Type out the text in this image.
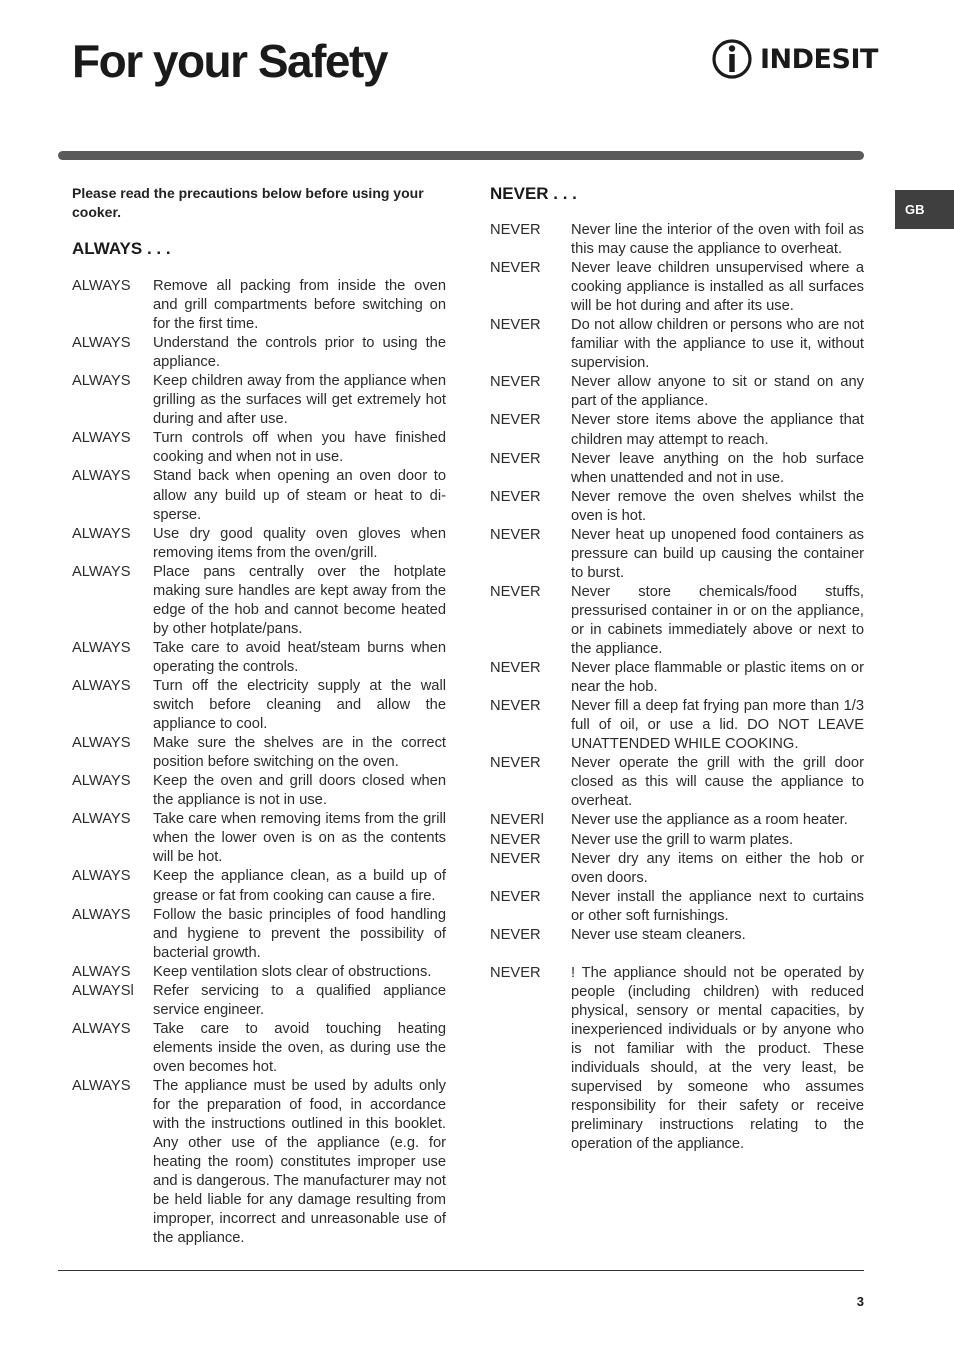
For your Safety	INDESIT
GB

Please read the precautions below before using your cooker.

ALWAYS . . .
ALWAYS	Remove all packing from inside the oven and grill compartments before switching on for the first time.
ALWAYS	Understand the controls prior to using the appliance.
ALWAYS	Keep children away from the appliance when grilling as the surfaces will get extremely hot during and after use.
ALWAYS	Turn controls off when you have finished cooking and when not in use.
ALWAYS	Stand back when opening an oven door to allow any build up of steam or heat to di-sperse.
ALWAYS	Use dry good quality oven gloves when removing items from the oven/grill.
ALWAYS	Place pans centrally over the hotplate making sure handles are kept away from the edge of the hob and cannot become heated by other hotplate/pans.
ALWAYS	Take care to avoid heat/steam burns when operating the controls.
ALWAYS	Turn off the electricity supply at the wall switch before cleaning and allow the appliance to cool.
ALWAYS	Make sure the shelves are in the correct position before switching on the oven.
ALWAYS	Keep the oven and grill doors closed when the appliance is not in use.
ALWAYS	Take care when removing items from the grill when the lower oven is on as the contents will be hot.
ALWAYS	Keep the appliance clean, as a build up of grease or fat from cooking can cause a fire.
ALWAYS	Follow the basic principles of food handling and hygiene to prevent the possibility of bacterial growth.
ALWAYS	Keep ventilation slots clear of obstructions.
ALWAYSl	Refer servicing to a qualified appliance service engineer.
ALWAYS	Take care to avoid touching heating elements inside the oven, as during use the oven becomes hot.
ALWAYS	The appliance must be used by adults only for the preparation of food, in accordance with the instructions outlined in this booklet. Any other use of the appliance (e.g. for heating the room) constitutes improper use and is dangerous. The manufacturer may not be held liable for any damage resulting from improper, incorrect and unreasonable use of the appliance.
NEVER . . .
NEVER	Never line the interior of the oven with foil as this may cause the appliance to overheat.
NEVER	Never leave children unsupervised where a cooking appliance is installed as all surfaces will be hot during and after its use.
NEVER	Do not allow children or persons who are not familiar with the appliance to use it, without supervision.
NEVER	Never allow anyone to sit or stand on any part of the appliance.
NEVER	Never store items above the appliance that children may attempt to reach.
NEVER	Never leave anything on the hob surface when unattended and not in use.
NEVER	Never remove the oven shelves whilst the oven is hot.
NEVER	Never heat up unopened food containers as pressure can build up causing the container to burst.
NEVER	Never store chemicals/food stuffs, pressurised container in or on the appliance, or in cabinets immediately above or next to the appliance.
NEVER	Never place flammable or plastic items on or near the hob.
NEVER	Never fill a deep fat frying pan more than 1/3 full of oil, or use a lid. DO NOT LEAVE UNATTENDED WHILE COOKING.
NEVER	Never operate the grill with the grill door closed as this will cause the appliance to overheat.
NEVERl	Never use the appliance as a room heater.
NEVER	Never use the grill to warm plates.
NEVER	Never dry any items on either the hob or oven doors.
NEVER	Never install the appliance next to curtains or other soft furnishings.
NEVER	Never use steam cleaners.
NEVER	! The appliance should not be operated by people (including children) with reduced physical, sensory or mental capacities, by inexperienced individuals or by anyone who is not familiar with the product. These individuals should, at the very least, be supervised by someone who assumes responsibility for their safety or receive preliminary instructions relating to the operation of the appliance.
3
